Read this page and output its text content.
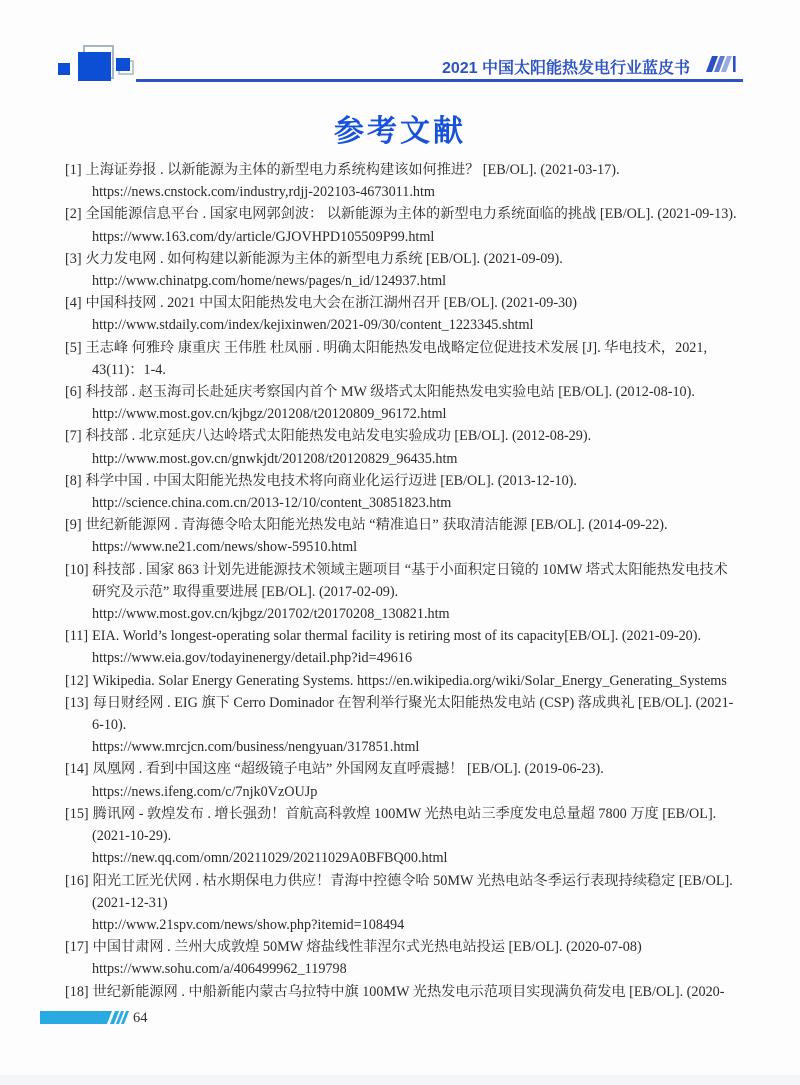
2021 中国太阳能热发电行业蓝皮书
参考文献
[1] 上海证券报 . 以新能源为主体的新型电力系统构建该如何推进？ [EB/OL]. (2021-03-17).
https://news.cnstock.com/industry,rdjj-202103-4673011.htm
[2] 全国能源信息平台 . 国家电网郭剑波： 以新能源为主体的新型电力系统面临的挑战 [EB/OL]. (2021-09-13).
https://www.163.com/dy/article/GJOVHPD105509P99.html
[3] 火力发电网 . 如何构建以新能源为主体的新型电力系统 [EB/OL]. (2021-09-09).
http://www.chinatpg.com/home/news/pages/n_id/124937.html
[4] 中国科技网 . 2021 中国太阳能热发电大会在浙江湖州召开 [EB/OL]. (2021-09-30)
http://www.stdaily.com/index/kejixinwen/2021-09/30/content_1223345.shtml
[5] 王志峰 何雅玲 康重庆 王伟胜 杜凤丽 . 明确太阳能热发电战略定位促进技术发展 [J]. 华电技术，2021,
43(11)：1-4.
[6] 科技部 . 赵玉海司长赴延庆考察国内首个 MW 级塔式太阳能热发电实验电站 [EB/OL]. (2012-08-10).
http://www.most.gov.cn/kjbgz/201208/t20120809_96172.html
[7] 科技部 . 北京延庆八达岭塔式太阳能热发电站发电实验成功 [EB/OL]. (2012-08-29).
http://www.most.gov.cn/gnwkjdt/201208/t20120829_96435.htm
[8] 科学中国 . 中国太阳能光热发电技术将向商业化运行迈进 [EB/OL]. (2013-12-10).
http://science.china.com.cn/2013-12/10/content_30851823.htm
[9] 世纪新能源网 . 青海德令哈太阳能光热发电站 “精准追日” 获取清洁能源 [EB/OL]. (2014-09-22).
https://www.ne21.com/news/show-59510.html
[10] 科技部 . 国家 863 计划先进能源技术领域主题项目 “基于小面积定日镜的 10MW 塔式太阳能热发电技术
研究及示范” 取得重要进展 [EB/OL]. (2017-02-09).
http://www.most.gov.cn/kjbgz/201702/t20170208_130821.htm
[11] EIA. World’s longest-operating solar thermal facility is retiring most of its capacity[EB/OL]. (2021-09-20).
https://www.eia.gov/todayinenergy/detail.php?id=49616
[12] Wikipedia. Solar Energy Generating Systems. https://en.wikipedia.org/wiki/Solar_Energy_Generating_Systems
[13] 每日财经网 . EIG 旗下 Cerro Dominador 在智利举行聚光太阳能热发电站 (CSP) 落成典礼 [EB/OL]. (2021-
6-10).
https://www.mrcjcn.com/business/nengyuan/317851.html
[14] 凤凰网 . 看到中国这座 “超级镜子电站” 外国网友直呼震撼！ [EB/OL]. (2019-06-23).
https://news.ifeng.com/c/7njk0VzOUJp
[15] 腾讯网 - 敦煌发布 . 增长强劲！首航高科敦煌 100MW 光热电站三季度发电总量超 7800 万度 [EB/OL].
(2021-10-29).
https://new.qq.com/omn/20211029/20211029A0BFBQ00.html
[16] 阳光工匠光伏网 . 枯水期保电力供应！青海中控德令哈 50MW 光热电站冬季运行表现持续稳定 [EB/OL].
(2021-12-31)
http://www.21spv.com/news/show.php?itemid=108494
[17] 中国甘肃网 . 兰州大成敦煌 50MW 熔盐线性菲涅尔式光热电站投运 [EB/OL]. (2020-07-08)
https://www.sohu.com/a/406499962_119798
[18] 世纪新能源网 . 中船新能内蒙古乌拉特中旗 100MW 光热发电示范项目实现满负荷发电 [EB/OL]. (2020-
64
